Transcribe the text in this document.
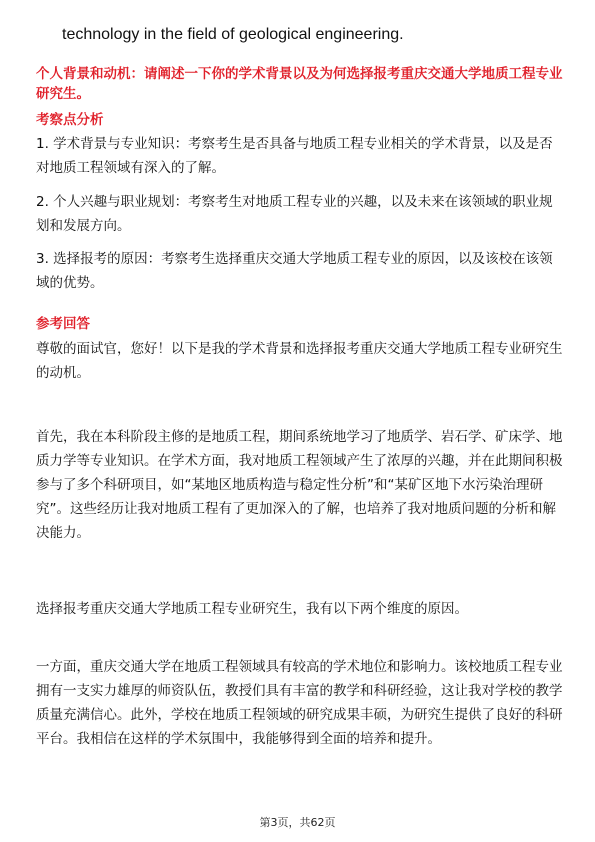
technology in the field of geological engineering.
个人背景和动机：请阐述一下你的学术背景以及为何选择报考重庆交通大学地质工程专业研究生。
考察点分析
1. 学术背景与专业知识：考察考生是否具备与地质工程专业相关的学术背景，以及是否对地质工程领域有深入的了解。
2. 个人兴趣与职业规划：考察考生对地质工程专业的兴趣，以及未来在该领域的职业规划和发展方向。
3. 选择报考的原因：考察考生选择重庆交通大学地质工程专业的原因，以及该校在该领域的优势。
参考回答
尊敬的面试官，您好！以下是我的学术背景和选择报考重庆交通大学地质工程专业研究生的动机。
首先，我在本科阶段主修的是地质工程，期间系统地学习了地质学、岩石学、矿床学、地质力学等专业知识。在学术方面，我对地质工程领域产生了浓厚的兴趣，并在此期间积极参与了多个科研项目，如“某地区地质构造与稳定性分析”和“某矿区地下水污染治理研究”。这些经历让我对地质工程有了更加深入的了解，也培养了我对地质问题的分析和解决能力。
选择报考重庆交通大学地质工程专业研究生，我有以下两个维度的原因。
一方面，重庆交通大学在地质工程领域具有较高的学术地位和影响力。该校地质工程专业拥有一支实力雄厚的师资队伍，教授们具有丰富的教学和科研经验，这让我对学校的教学质量充满信心。此外，学校在地质工程领域的研究成果丰硕，为研究生提供了良好的科研平台。我相信在这样的学术氛围中，我能够得到全面的培养和提升。
第3页，共62页
